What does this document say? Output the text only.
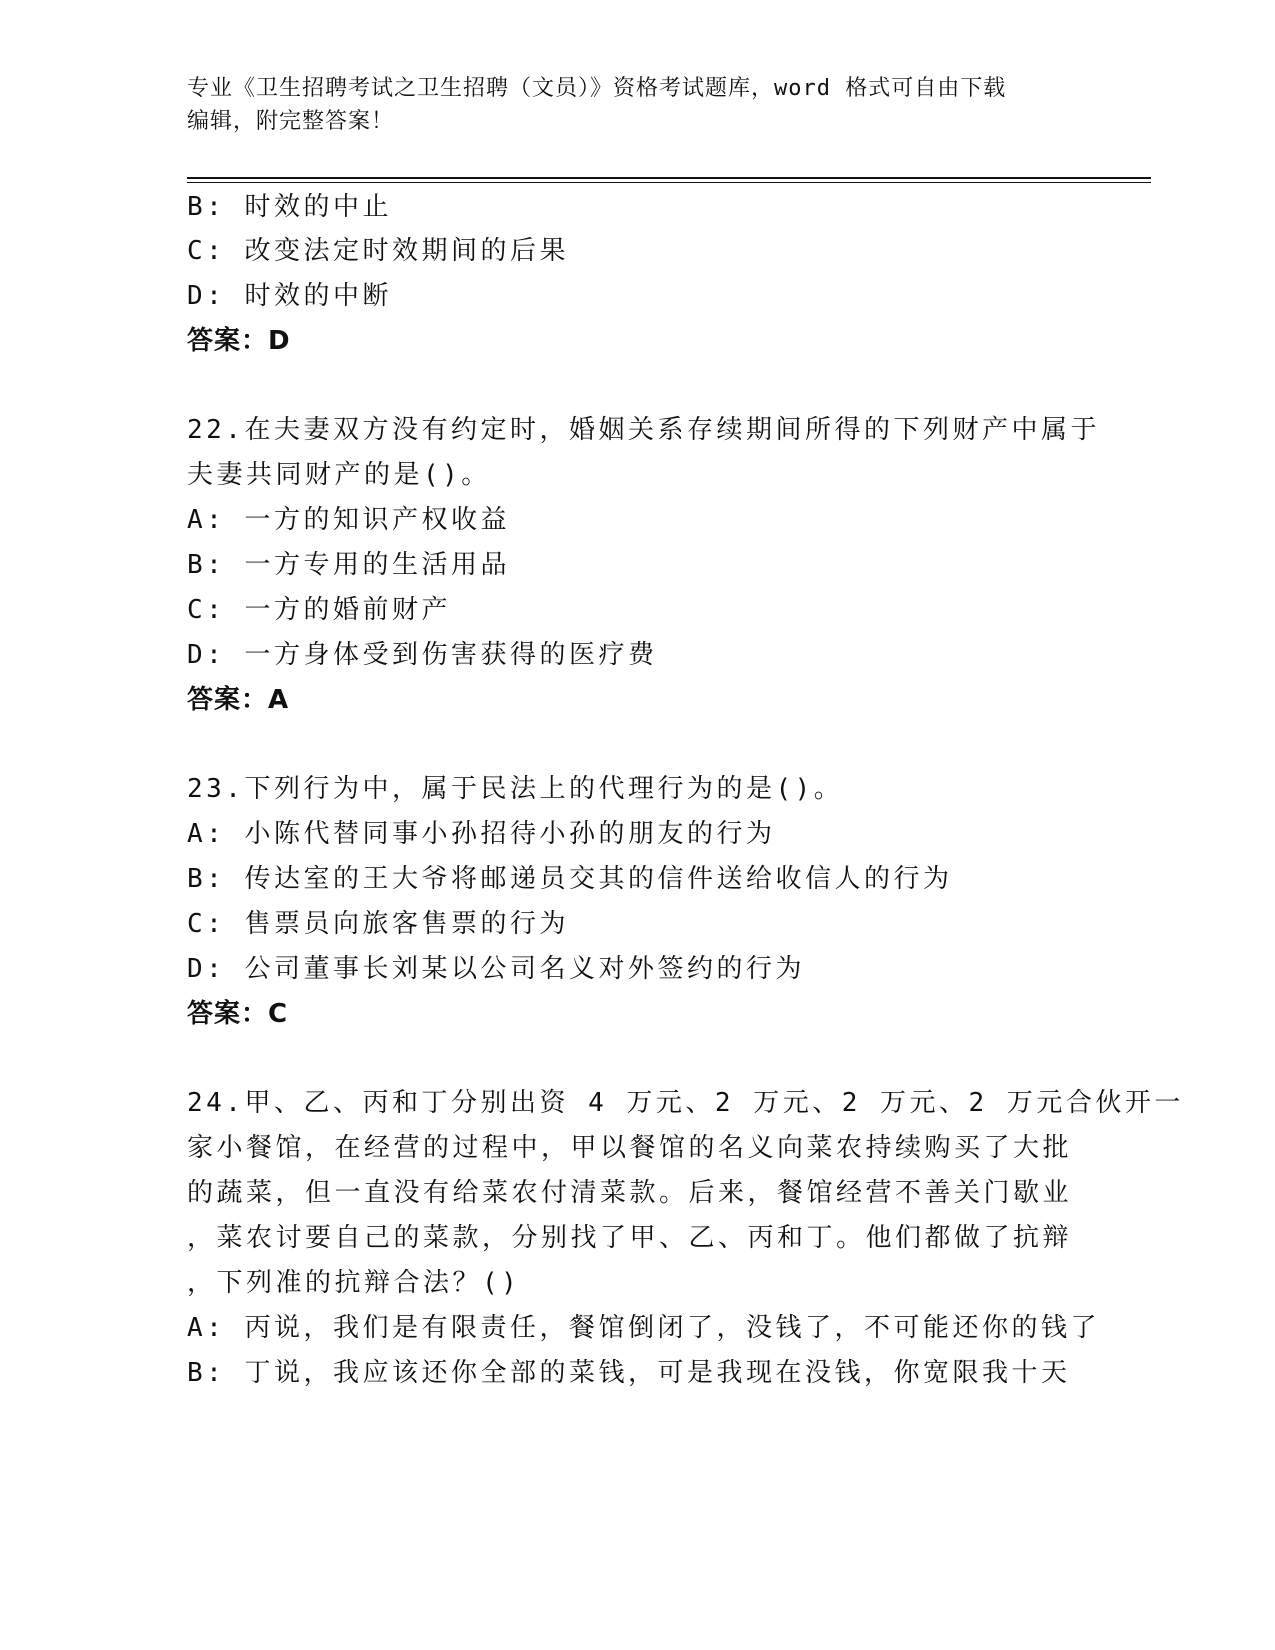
专业《卫生招聘考试之卫生招聘（文员）》资格考试题库，word 格式可自由下载
编辑，附完整答案！
B: 时效的中止
C: 改变法定时效期间的后果
D: 时效的中断
答案：D
22.在夫妻双方没有约定时，婚姻关系存续期间所得的下列财产中属于
夫妻共同财产的是()。
A: 一方的知识产权收益
B: 一方专用的生活用品
C: 一方的婚前财产
D: 一方身体受到伤害获得的医疗费
答案：A
23.下列行为中，属于民法上的代理行为的是()。
A: 小陈代替同事小孙招待小孙的朋友的行为
B: 传达室的王大爷将邮递员交其的信件送给收信人的行为
C: 售票员向旅客售票的行为
D: 公司董事长刘某以公司名义对外签约的行为
答案：C
24.甲、乙、丙和丁分别出资 4 万元、2 万元、2 万元、2 万元合伙开一
家小餐馆，在经营的过程中，甲以餐馆的名义向菜农持续购买了大批
的蔬菜，但一直没有给菜农付清菜款。后来，餐馆经营不善关门歇业
，菜农讨要自己的菜款，分别找了甲、乙、丙和丁。他们都做了抗辩
，下列准的抗辩合法？()
A: 丙说，我们是有限责任，餐馆倒闭了，没钱了，不可能还你的钱了
B: 丁说，我应该还你全部的菜钱，可是我现在没钱，你宽限我十天
